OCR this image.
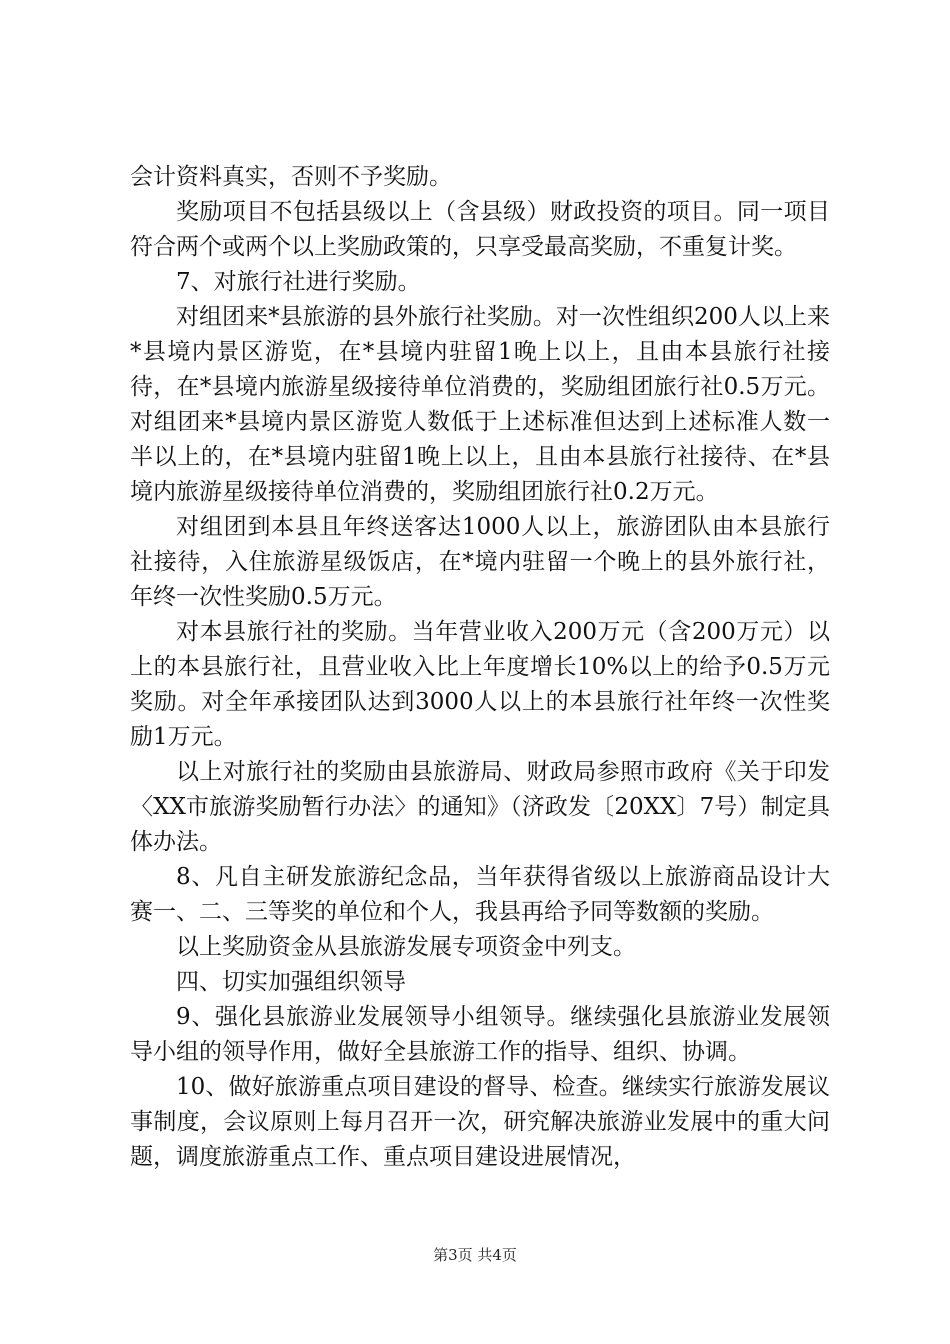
会计资料真实，否则不予奖励。

奖励项目不包括县级以上（含县级）财政投资的项目。同一项目符合两个或两个以上奖励政策的，只享受最高奖励，不重复计奖。

7、对旅行社进行奖励。

对组团来*县旅游的县外旅行社奖励。对一次性组织200人以上来*县境内景区游览，在*县境内驻留1晚上以上，且由本县旅行社接待，在*县境内旅游星级接待单位消费的，奖励组团旅行社0.5万元。对组团来*县境内景区游览人数低于上述标准但达到上述标准人数一半以上的，在*县境内驻留1晚上以上，且由本县旅行社接待、在*县境内旅游星级接待单位消费的，奖励组团旅行社0.2万元。

对组团到本县且年终送客达1000人以上，旅游团队由本县旅行社接待，入住旅游星级饭店，在*境内驻留一个晚上的县外旅行社，年终一次性奖励0.5万元。

对本县旅行社的奖励。当年营业收入200万元（含200万元）以上的本县旅行社，且营业收入比上年度增长10%以上的给予0.5万元奖励。对全年承接团队达到3000人以上的本县旅行社年终一次性奖励1万元。

以上对旅行社的奖励由县旅游局、财政局参照市政府《关于印发〈XX市旅游奖励暂行办法〉的通知》（济政发〔20XX〕7号）制定具体办法。

8、凡自主研发旅游纪念品，当年获得省级以上旅游商品设计大赛一、二、三等奖的单位和个人，我县再给予同等数额的奖励。

以上奖励资金从县旅游发展专项资金中列支。

四、切实加强组织领导

9、强化县旅游业发展领导小组领导。继续强化县旅游业发展领导小组的领导作用，做好全县旅游工作的指导、组织、协调。

10、做好旅游重点项目建设的督导、检查。继续实行旅游发展议事制度，会议原则上每月召开一次，研究解决旅游业发展中的重大问题，调度旅游重点工作、重点项目建设进展情况，

第3页 共4页
